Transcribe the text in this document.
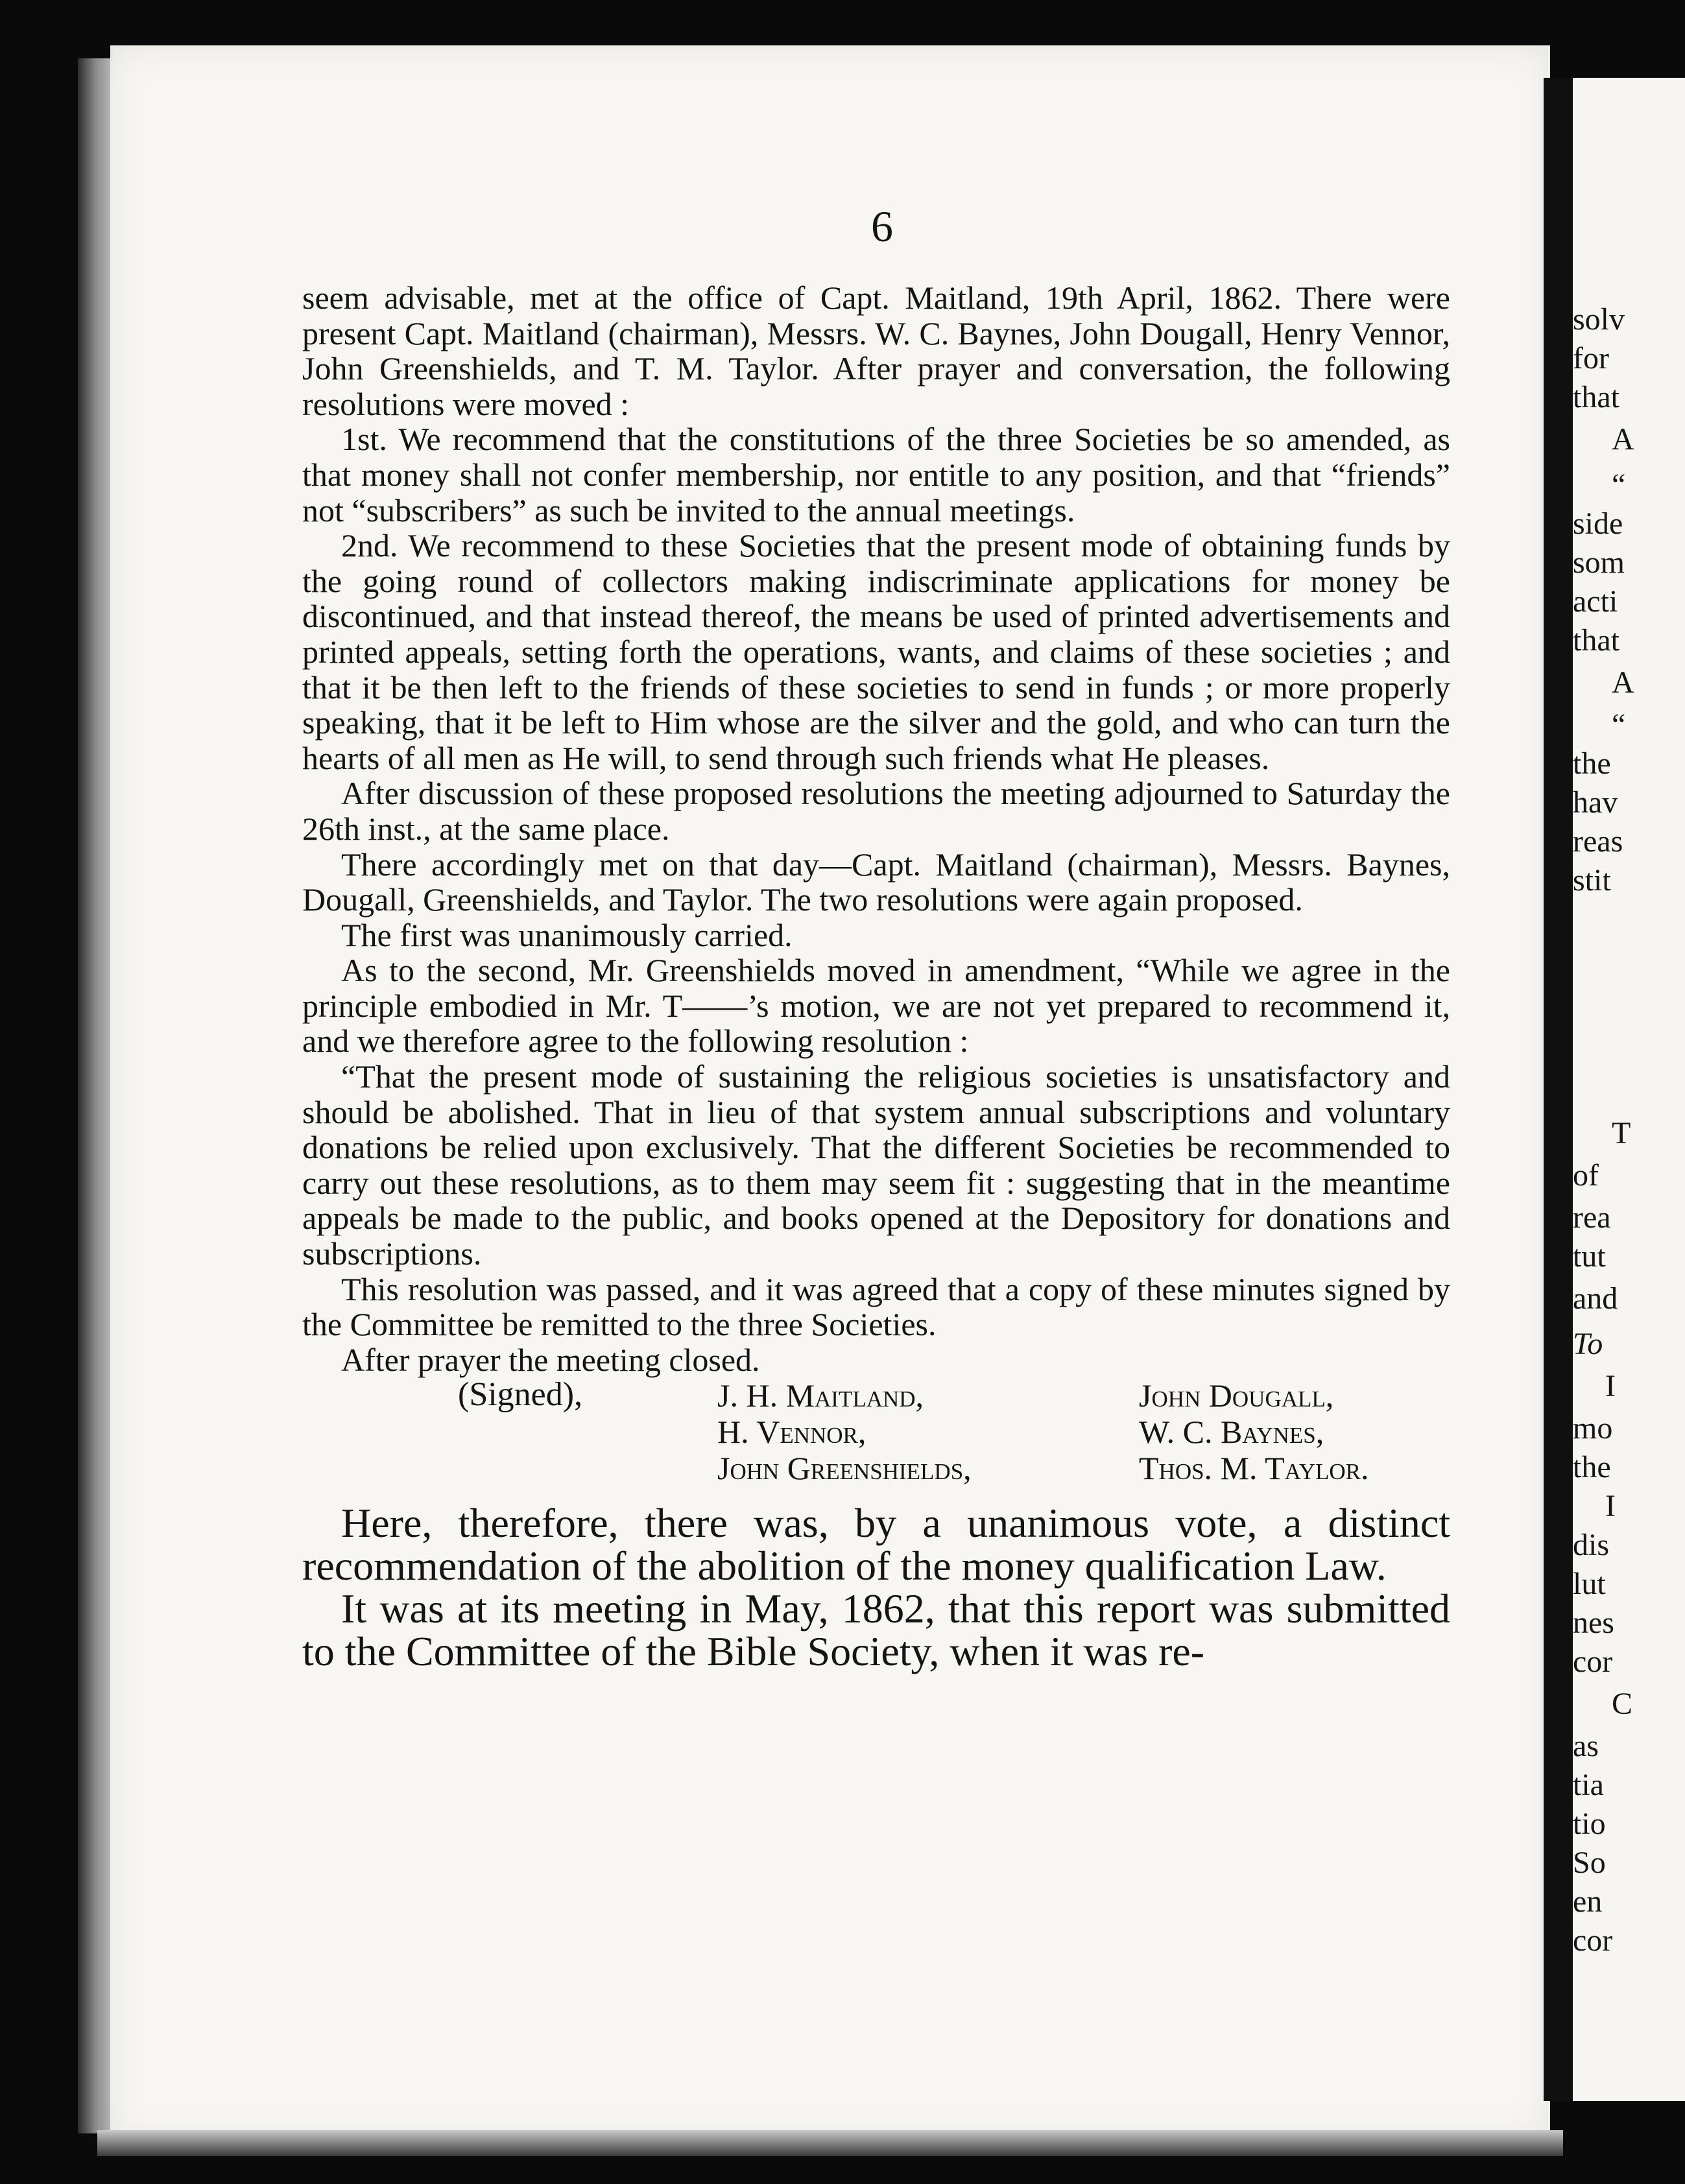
6

seem advisable, met at the office of Capt. Maitland, 19th April, 1862. There were present Capt. Maitland (chairman), Messrs. W. C. Baynes, John Dougall, Henry Vennor, John Greenshields, and T. M. Taylor. After prayer and conversation, the following resolutions were moved :

1st. We recommend that the constitutions of the three Societies be so amended, as that money shall not confer membership, nor entitle to any position, and that “friends” not “subscribers” as such be invited to the annual meetings.

2nd. We recommend to these Societies that the present mode of obtaining funds by the going round of collectors making indiscriminate applications for money be discontinued, and that instead thereof, the means be used of printed advertisements and printed appeals, setting forth the operations, wants, and claims of these societies ; and that it be then left to the friends of these societies to send in funds ; or more properly speaking, that it be left to Him whose are the silver and the gold, and who can turn the hearts of all men as He will, to send through such friends what He pleases.

After discussion of these proposed resolutions the meeting adjourned to Saturday the 26th inst., at the same place.

There accordingly met on that day—Capt. Maitland (chairman), Messrs. Baynes, Dougall, Greenshields, and Taylor. The two resolutions were again proposed.

The first was unanimously carried.

As to the second, Mr. Greenshields moved in amendment, “While we agree in the principle embodied in Mr. T——’s motion, we are not yet prepared to recommend it, and we therefore agree to the following resolution :

“That the present mode of sustaining the religious societies is unsatisfactory and should be abolished. That in lieu of that system annual subscriptions and voluntary donations be relied upon exclusively. That the different Societies be recommended to carry out these resolutions, as to them may seem fit : suggesting that in the meantime appeals be made to the public, and books opened at the Depository for donations and subscriptions.

This resolution was passed, and it was agreed that a copy of these minutes signed by the Committee be remitted to the three Societies.

After prayer the meeting closed.

(Signed),	J. H. Maitland,
H. Vennor,
John Greenshields,
John Dougall,
W. C. Baynes,
Thos. M. Taylor.

Here, therefore, there was, by a unanimous vote, a distinct recommendation of the abolition of the money qualification Law.

It was at its meeting in May, 1862, that this report was submitted to the Committee of the Bible Society, when it was re-

solv
for
that
A
“
side
som
acti
that
A
“
the
hav
reas
stit
T
of
rea
tut
and
To
I
mo
the
I
dis
lut
nes
cor
C
as
tia
tio
So
en
cor
